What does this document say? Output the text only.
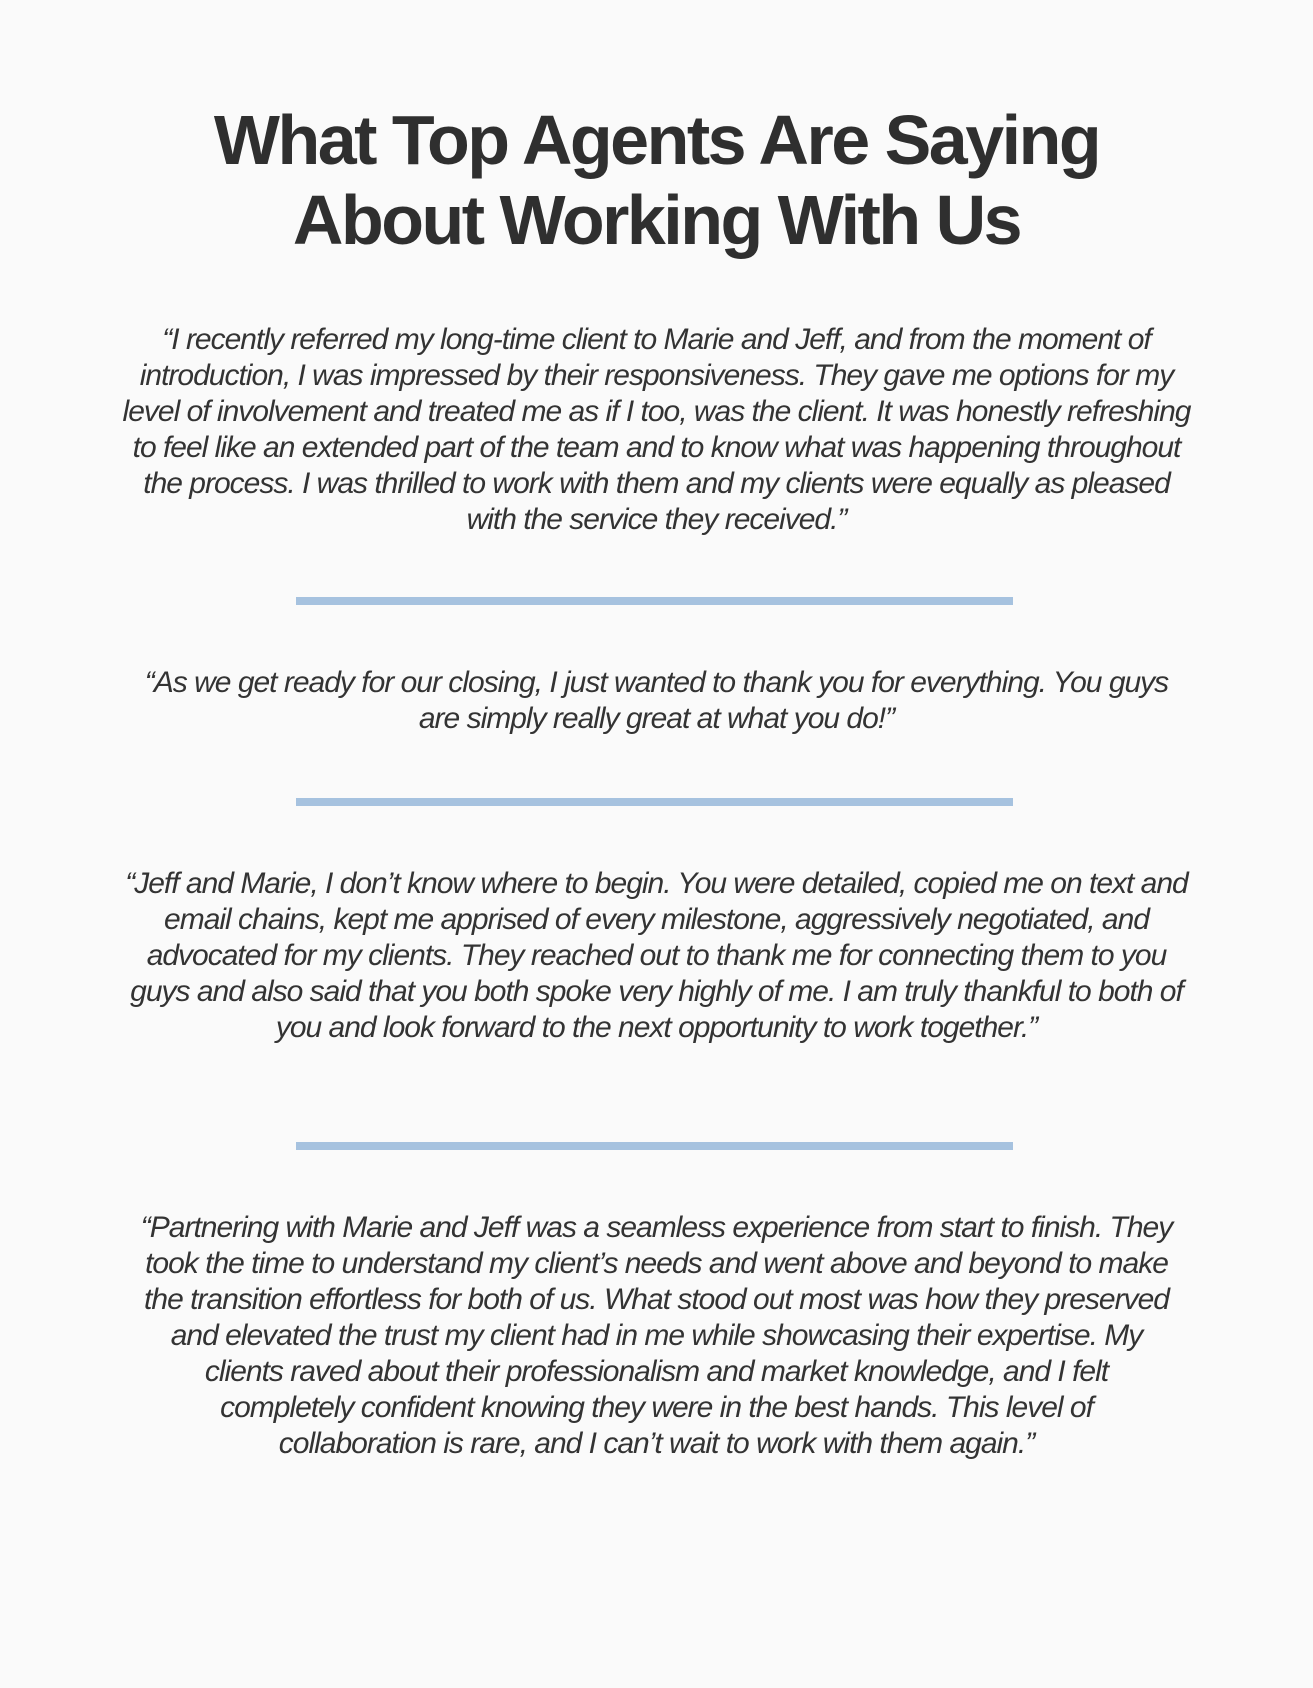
What Top Agents Are Saying
About Working With Us

“I recently referred my long-time client to Marie and Jeff, and from the moment of introduction, I was impressed by their responsiveness. They gave me options for my level of involvement and treated me as if I too, was the client. It was honestly refreshing to feel like an extended part of the team and to know what was happening throughout the process. I was thrilled to work with them and my clients were equally as pleased with the service they received.”

“As we get ready for our closing, I just wanted to thank you for everything. You guys are simply really great at what you do!”

“Jeff and Marie, I don’t know where to begin. You were detailed, copied me on text and email chains, kept me apprised of every milestone, aggressively negotiated, and advocated for my clients. They reached out to thank me for connecting them to you guys and also said that you both spoke very highly of me. I am truly thankful to both of you and look forward to the next opportunity to work together.”

“Partnering with Marie and Jeff was a seamless experience from start to finish. They took the time to understand my client’s needs and went above and beyond to make the transition effortless for both of us. What stood out most was how they preserved and elevated the trust my client had in me while showcasing their expertise. My clients raved about their professionalism and market knowledge, and I felt completely confident knowing they were in the best hands. This level of collaboration is rare, and I can’t wait to work with them again.”
